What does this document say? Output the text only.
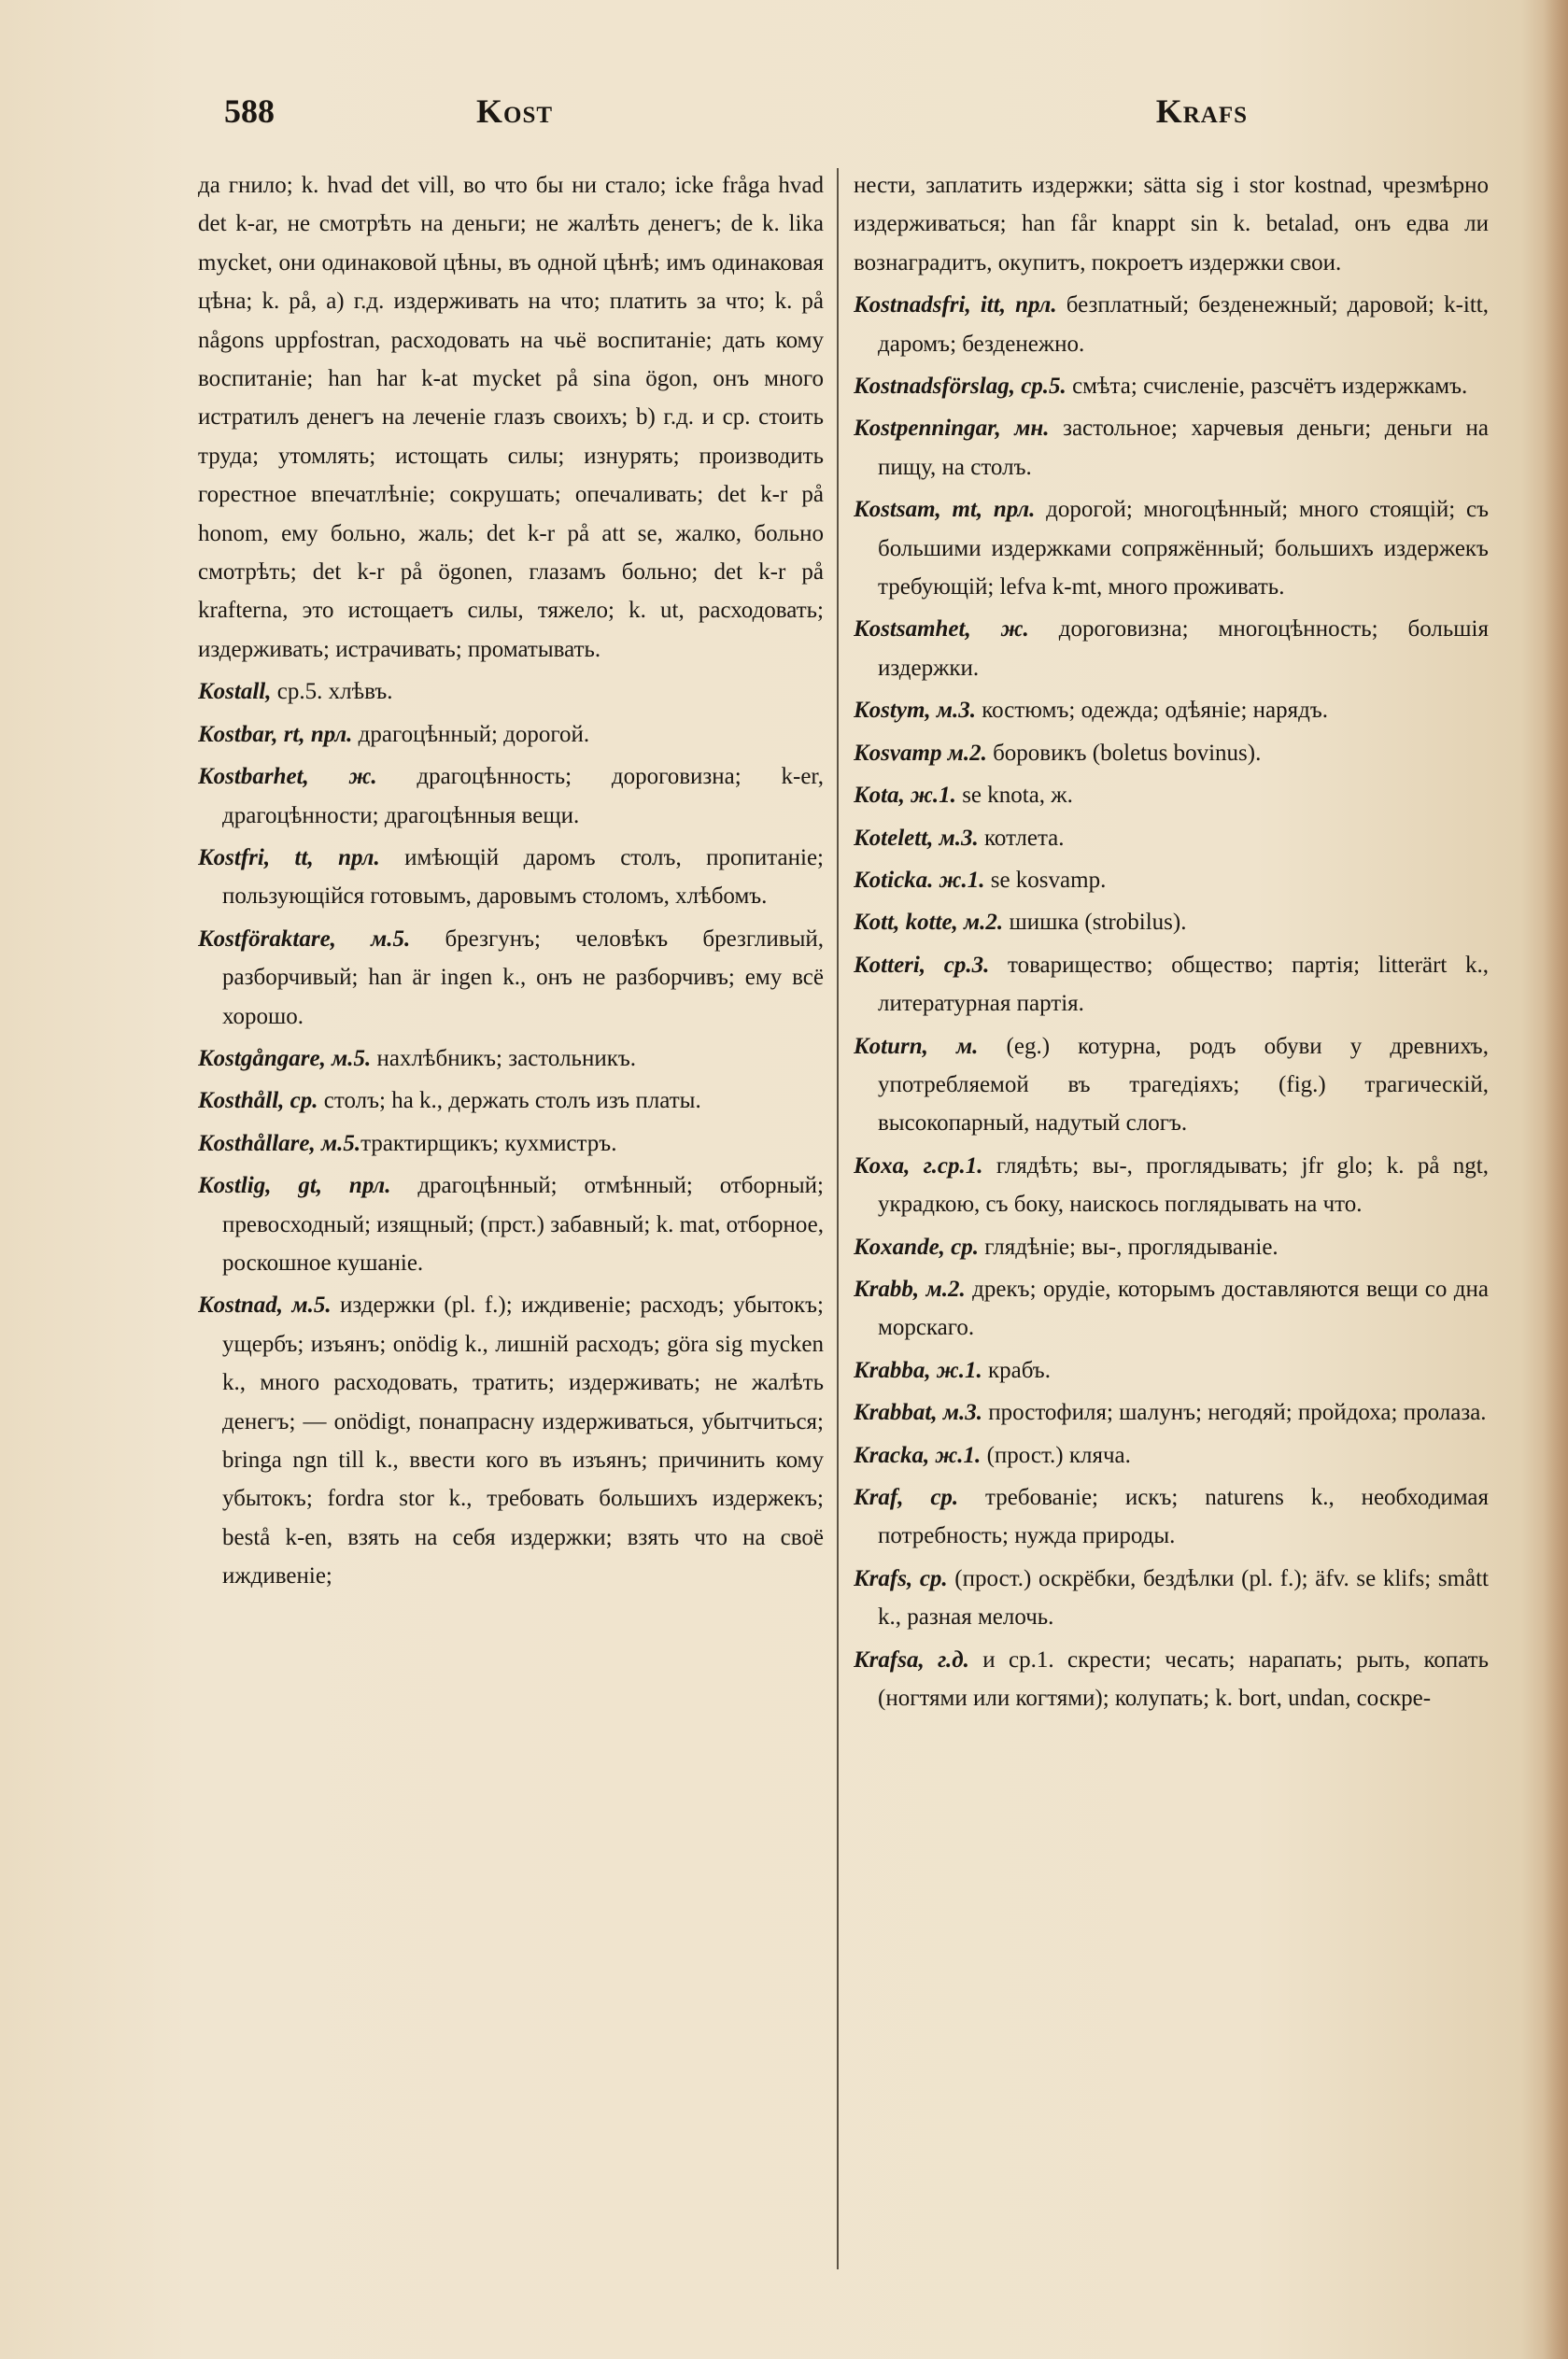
588	Kost	Krafs

да гнило; k. hvad det vill, во что бы ни стало; icke fråga hvad det k-ar, не смотрѣть на деньги; не жалѣть денегъ; de k. lika mycket, они одинаковой цѣны, въ одной цѣнѣ; имъ одинаковая цѣна; k. på, a) г.д. издерживать на что; платить за что; k. på någons uppfostran, расходовать на чьё воспитанiе; дать кому воспитанiе; han har k-at mycket på sina ögon, онъ много истратилъ денегъ на леченiе глазъ своихъ; b) г.д. и ср. стоить труда; утомлять; истощать силы; изнурять; производить горестное впечатлѣнiе; сокрушать; опечаливать; det k-r på honom, ему больно, жаль; det k-r på att se, жалко, больно смотрѣть; det k-r på ögonen, глазамъ больно; det k-r på krafterna, это истощаетъ силы, тяжело; k. ut, расходовать; издерживать; истрачивать; проматывать.

Kostall, ср.5. хлѣвъ.

Kostbar, rt, прл. драгоцѣнный; дорогой.

Kostbarhet, ж. драгоцѣнность; дороговизна; k-er, драгоцѣнности; драгоцѣнныя вещи.

Kostfri, tt, прл. имѣющiй даромъ столъ, пропитанiе; пользующiйся готовымъ, даровымъ столомъ, хлѣбомъ.

Kostföraktare, м.5. брезгунъ; человѣкъ брезгливый, разборчивый; han är ingen k., онъ не разборчивъ; ему всё хорошо.

Kostgångare, м.5. нахлѣбникъ; застольникъ.

Kosthåll, ср. столъ; ha k., держать столъ изъ платы.

Kosthållare, м.5.трактирщикъ; кухмистръ.

Kostlig, gt, прл. драгоцѣнный; отмѣнный; отборный; превосходный; изящный; (прст.) забавный; k. mat, отборное, роскошное кушанiе.

Kostnad, м.5. издержки (pl. f.); иждивенiе; расходъ; убытокъ; ущербъ; изъянъ; onödig k., лишнiй расходъ; göra sig mycken k., много расходовать, тратить; издерживать; не жалѣть денегъ; — onödigt, понапрасну издерживаться, убытчиться; bringa ngn till k., ввести кого въ изъянъ; причинить кому убытокъ; fordra stor k., требовать большихъ издержекъ; bestå k-en, взять на себя издержки; взять что на своё иждивенiе;

нести, заплатить издержки; sätta sig i stor kostnad, чрезмѣрно издерживаться; han får knappt sin k. betalad, онъ едва ли вознаградитъ, окупитъ, покроетъ издержки свои.

Kostnadsfri, itt, прл. безплатный; безденежный; даровой; k-itt, даромъ; безденежно.

Kostnadsförslag, ср.5. смѣта; счисленiе, разсчётъ издержкамъ.

Kostpenningar, мн. застольное; харчевыя деньги; деньги на пищу, на столъ.

Kostsam, mt, прл. дорогой; многоцѣнный; много стоящiй; съ большими издержками сопряжённый; большихъ издержекъ требующiй; lefva k-mt, много проживать.

Kostsamhet, ж. дороговизна; многоцѣнность; большiя издержки.

Kostym, м.3. костюмъ; одежда; одѣянiе; нарядъ.

Kosvamp м.2. боровикъ (boletus bovinus).

Kota, ж.1. se knota, ж.

Kotelett, м.3. котлета.

Koticka. ж.1. se kosvamp.

Kott, kotte, м.2. шишка (strobilus).

Kotteri, ср.3. товарищество; общество; партiя; litterärt k., литературная партiя.

Koturn, м. (eg.) котурна, родъ обуви у древнихъ, употребляемой въ трагедiяхъ; (fig.) трагическiй, высокопарный, надутый слогъ.

Koxa, г.ср.1. глядѣть; вы-, проглядывать; jfr glo; k. på ngt, украдкою, съ боку, наискось поглядывать на что.

Koxande, ср. глядѣнiе; вы-, проглядыванiе.

Krabb, м.2. дрекъ; орудiе, которымъ доставляются вещи со дна морскаго.

Krabba, ж.1. крабъ.

Krabbat, м.3. простофиля; шалунъ; негодяй; пройдоха; пролаза.

Kracka, ж.1. (прост.) кляча.

Kraf, ср. требованiе; искъ; naturens k., необходимая потребность; нужда природы.

Krafs, ср. (прост.) оскрёбки, бездѣлки (pl. f.); äfv. se klifs; smått k., разная мелочь.

Krafsa, г.д. и ср.1. скрести; чесать; нарапать; рыть, копать (ногтями или когтями); колупать; k. bort, undan, соскре-
